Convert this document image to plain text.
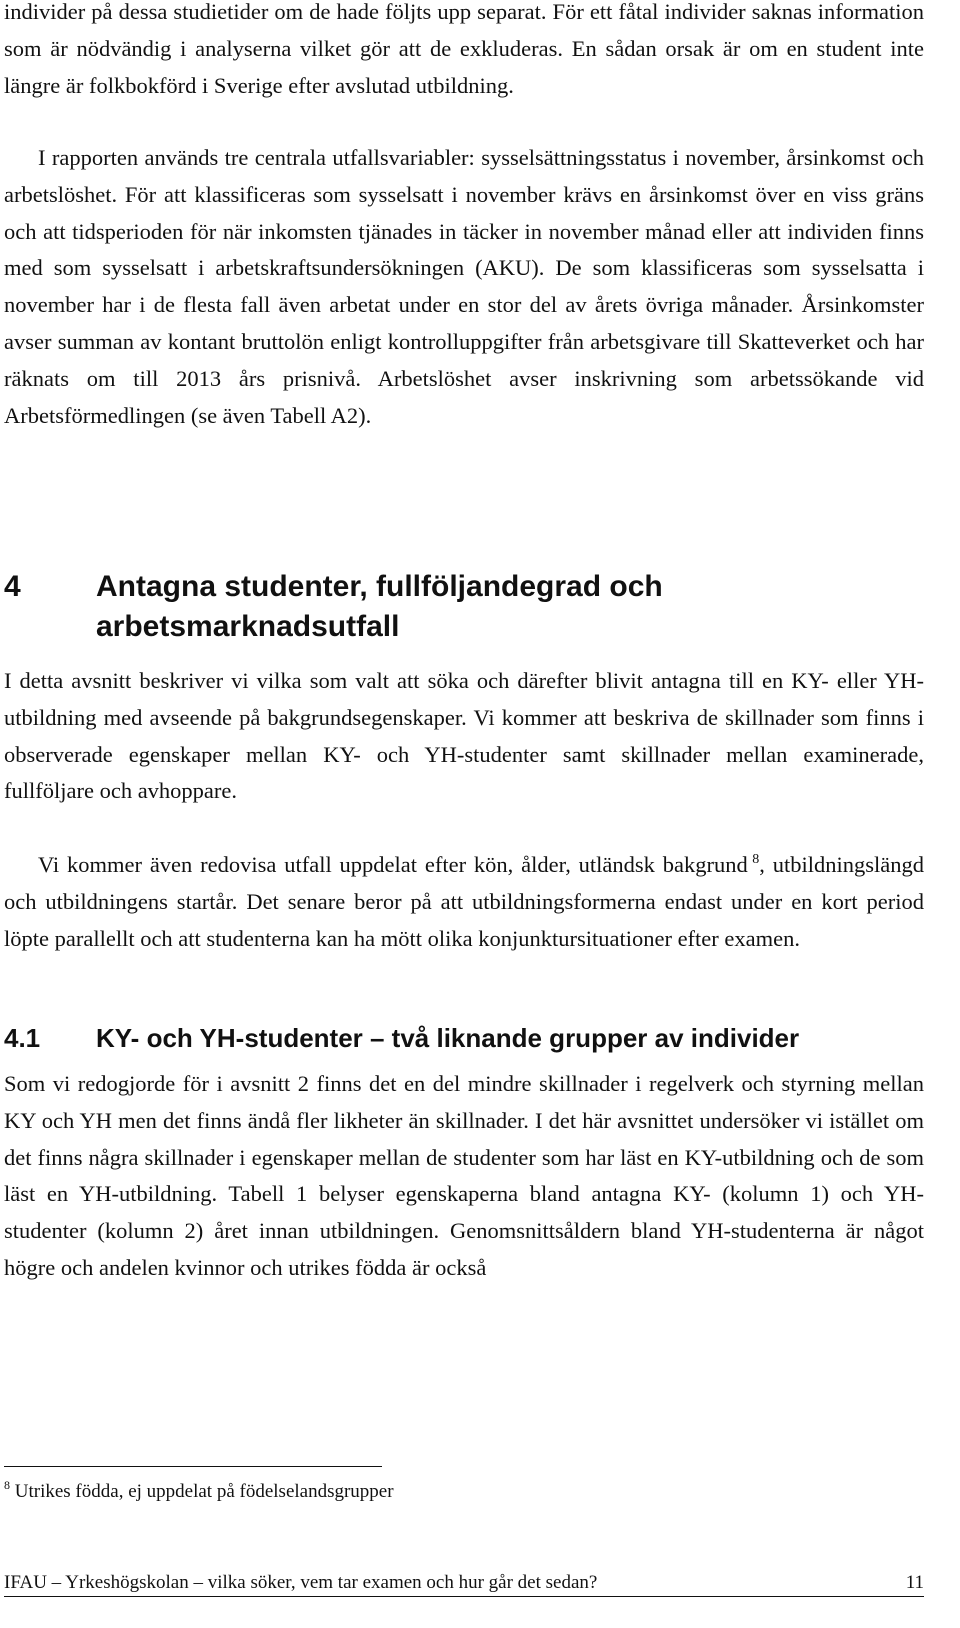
individer på dessa studietider om de hade följts upp separat. För ett fåtal individer saknas information som är nödvändig i analyserna vilket gör att de exkluderas. En sådan orsak är om en student inte längre är folkbokförd i Sverige efter avslutad utbildning.

I rapporten används tre centrala utfallsvariabler: sysselsättningsstatus i november, årsinkomst och arbetslöshet. För att klassificeras som sysselsatt i november krävs en årsinkomst över en viss gräns och att tidsperioden för när inkomsten tjänades in täcker in november månad eller att individen finns med som sysselsatt i arbetskraftsundersökningen (AKU). De som klassificeras som sysselsatta i november har i de flesta fall även arbetat under en stor del av årets övriga månader. Årsinkomster avser summan av kontant bruttolön enligt kontrolluppgifter från arbetsgivare till Skatteverket och har räknats om till 2013 års prisnivå. Arbetslöshet avser inskrivning som arbetssökande vid Arbetsförmedlingen (se även Tabell A2).

4	Antagna studenter, fullföljandegrad och arbetsmarknadsutfall

I detta avsnitt beskriver vi vilka som valt att söka och därefter blivit antagna till en KY- eller YH-utbildning med avseende på bakgrundsegenskaper. Vi kommer att beskriva de skillnader som finns i observerade egenskaper mellan KY- och YH-studenter samt skillnader mellan examinerade, fullföljare och avhoppare.

Vi kommer även redovisa utfall uppdelat efter kön, ålder, utländsk bakgrund  $^8$, utbildningslängd och utbildningens startår. Det senare beror på att utbildningsformerna endast under en kort period löpte parallellt och att studenterna kan ha mött olika konjunktursituationer efter examen.

4.1 KY- och YH-studenter – två liknande grupper av individer

Som vi redogjorde för i avsnitt 2 finns det en del mindre skillnader i regelverk och styrning mellan KY och YH men det finns ändå fler likheter än skillnader. I det här avsnittet undersöker vi istället om det finns några skillnader i egenskaper mellan de studenter som har läst en KY-utbildning och de som läst en YH-utbildning. Tabell 1 belyser egenskaperna bland antagna KY- (kolumn 1) och YH-studenter (kolumn 2) året innan utbildningen. Genomsnittsåldern bland YH-studenterna är något högre och andelen kvinnor och utrikes födda är också

$^8$ Utrikes födda, ej uppdelat på födelselandsgrupper

IFAU – Yrkeshögskolan – vilka söker, vem tar examen och hur går det sedan?	11
